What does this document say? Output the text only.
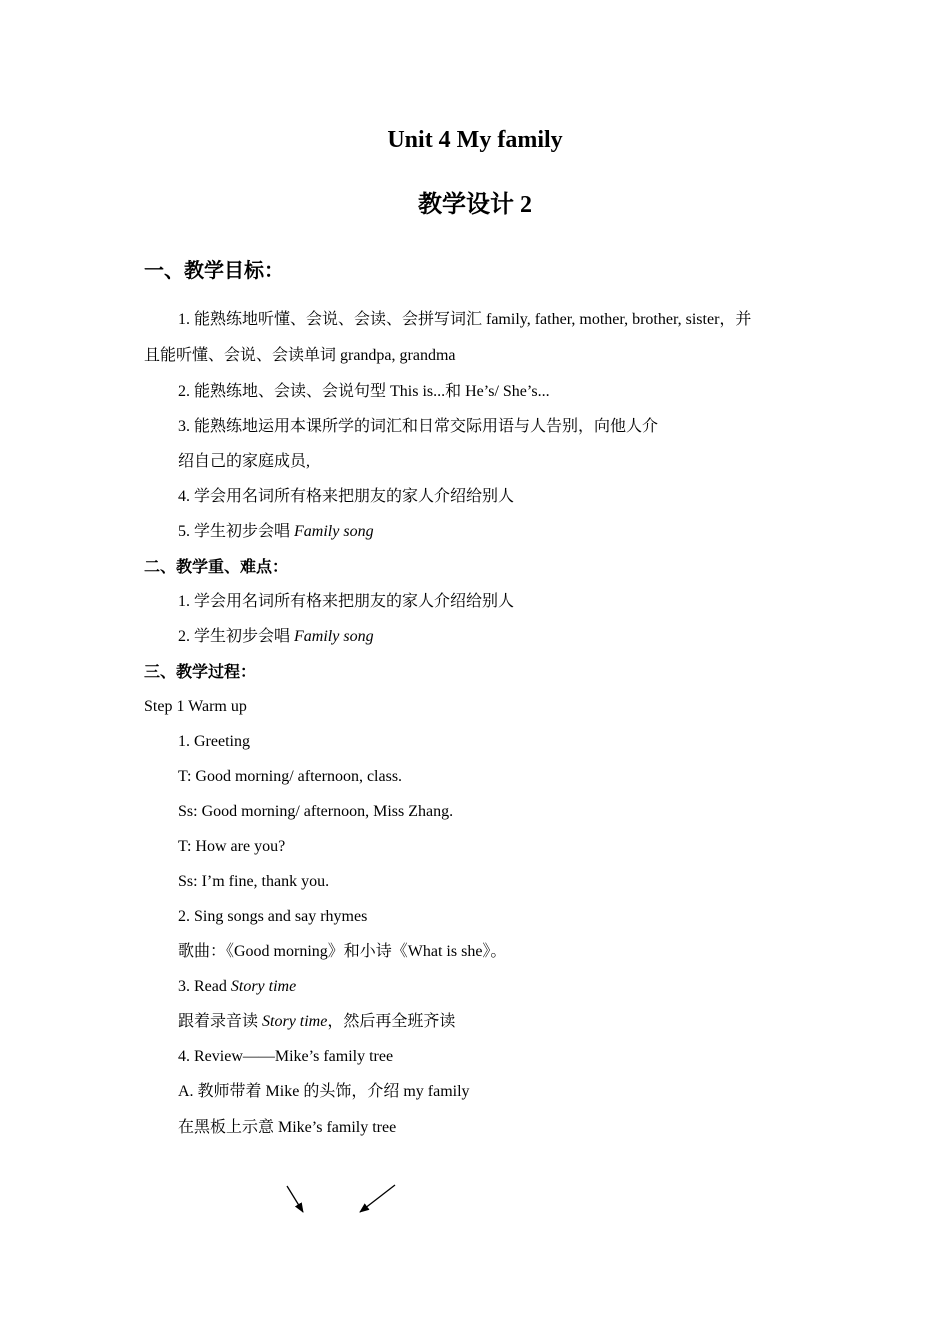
Unit 4 My family
教学设计 2
一、教学目标：
1. 能熟练地听懂、会说、会读、会拼写词汇 family, father, mother, brother, sister，并
且能听懂、会说、会读单词 grandpa, grandma
2. 能熟练地、会读、会说句型 This is...和 He’s/ She’s...
3. 能熟练地运用本课所学的词汇和日常交际用语与人告别，向他人介
绍自己的家庭成员,
4. 学会用名词所有格来把朋友的家人介绍给别人
5. 学生初步会唱 Family song
二、教学重、难点：
1. 学会用名词所有格来把朋友的家人介绍给别人
2. 学生初步会唱 Family song
三、教学过程：
Step 1 Warm up
1. Greeting
T: Good morning/ afternoon, class.
Ss: Good morning/ afternoon, Miss Zhang.
T: How are you?
Ss: I’m fine, thank you.
2. Sing songs and say rhymes
歌曲：《Good morning》和小诗《What is she》。
3. Read Story time
跟着录音读 Story time，然后再全班齐读
4. Review——Mike’s family tree
A. 教师带着 Mike 的头饰，介绍 my family
在黑板上示意 Mike’s family tree
